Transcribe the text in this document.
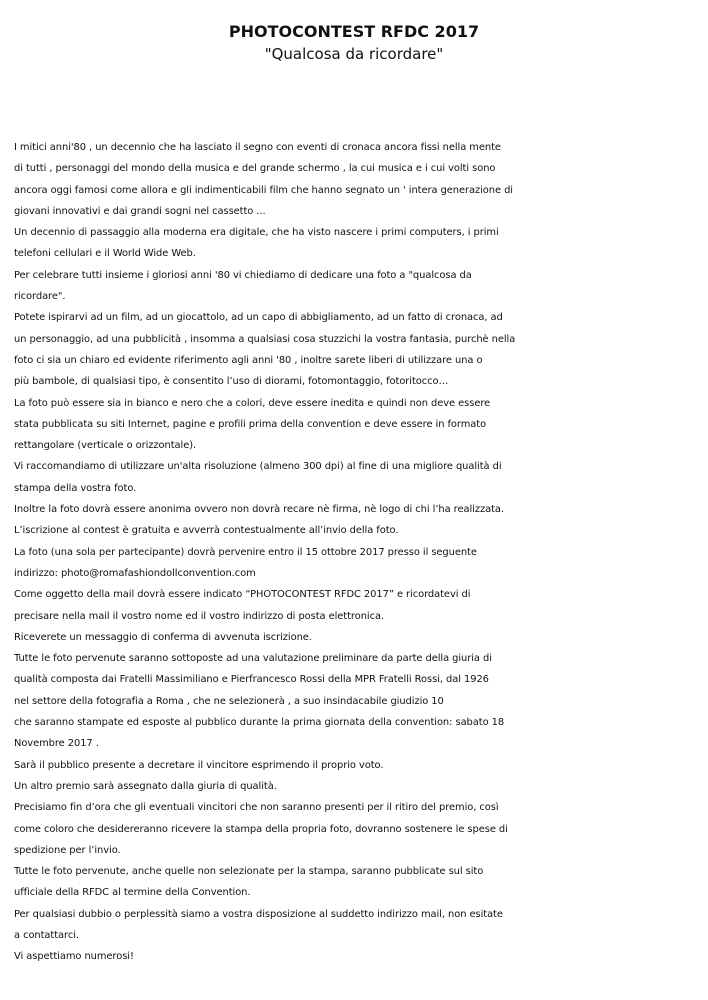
PHOTOCONTEST RFDC 2017
"Qualcosa da ricordare"
I mitici anni'80 , un decennio che ha lasciato il segno con eventi di cronaca ancora fissi nella mente
di tutti , personaggi del mondo della musica e del grande schermo , la cui musica e i cui volti sono
ancora oggi famosi come allora e gli indimenticabili film che hanno segnato un ' intera generazione di
giovani innovativi e dai grandi sogni nel cassetto ...
Un decennio di passaggio alla moderna era digitale, che ha visto nascere i primi computers, i primi
telefoni cellulari e il World Wide Web.
Per celebrare tutti insieme i gloriosi anni '80 vi chiediamo di dedicare una foto a "qualcosa da
ricordare".
Potete ispirarvi ad un film, ad un giocattolo, ad un capo di abbigliamento, ad un fatto di cronaca, ad
un personaggio, ad una pubblicità , insomma a qualsiasi cosa stuzzichi la vostra fantasia, purchè nella
foto ci sia un chiaro ed evidente riferimento agli anni '80 , inoltre sarete liberi di utilizzare una o
più bambole, di qualsiasi tipo, è consentito l’uso di diorami, fotomontaggio, fotoritocco…
La foto può essere sia in bianco e nero che a colori, deve essere inedita e quindi non deve essere
stata pubblicata su siti Internet, pagine e profili prima della convention e deve essere in formato
rettangolare (verticale o orizzontale).
Vi raccomandiamo di utilizzare un'alta risoluzione (almeno 300 dpi) al fine di una migliore qualità di
stampa della vostra foto.
Inoltre la foto dovrà essere anonima ovvero non dovrà recare nè firma, nè logo di chi l’ha realizzata.
L’iscrizione al contest è gratuita e avverrà contestualmente all’invio della foto.
La foto (una sola per partecipante) dovrà pervenire entro il 15 ottobre 2017 presso il seguente
indirizzo: photo@romafashiondollconvention.com
Come oggetto della mail dovrà essere indicato “PHOTOCONTEST RFDC 2017” e ricordatevi di
precisare nella mail il vostro nome ed il vostro indirizzo di posta elettronica.
Riceverete un messaggio di conferma di avvenuta iscrizione.
Tutte le foto pervenute saranno sottoposte ad una valutazione preliminare da parte della giuria di
qualità composta dai Fratelli Massimiliano e Pierfrancesco Rossi della MPR Fratelli Rossi, dal 1926
nel settore della fotografia a Roma , che ne selezionerà , a suo insindacabile giudizio 10
che saranno stampate ed esposte al pubblico durante la prima giornata della convention: sabato 18
Novembre 2017 .
Sarà il pubblico presente a decretare il vincitore esprimendo il proprio voto.
Un altro premio sarà assegnato dalla giuria di qualità.
Precisiamo fin d’ora che gli eventuali vincitori che non saranno presenti per il ritiro del premio, così
come coloro che desidereranno ricevere la stampa della propria foto, dovranno sostenere le spese di
spedizione per l’invio.
Tutte le foto pervenute, anche quelle non selezionate per la stampa, saranno pubblicate sul sito
ufficiale della RFDC al termine della Convention.
Per qualsiasi dubbio o perplessità siamo a vostra disposizione al suddetto indirizzo mail, non esitate
a contattarci.
Vi aspettiamo numerosi!
